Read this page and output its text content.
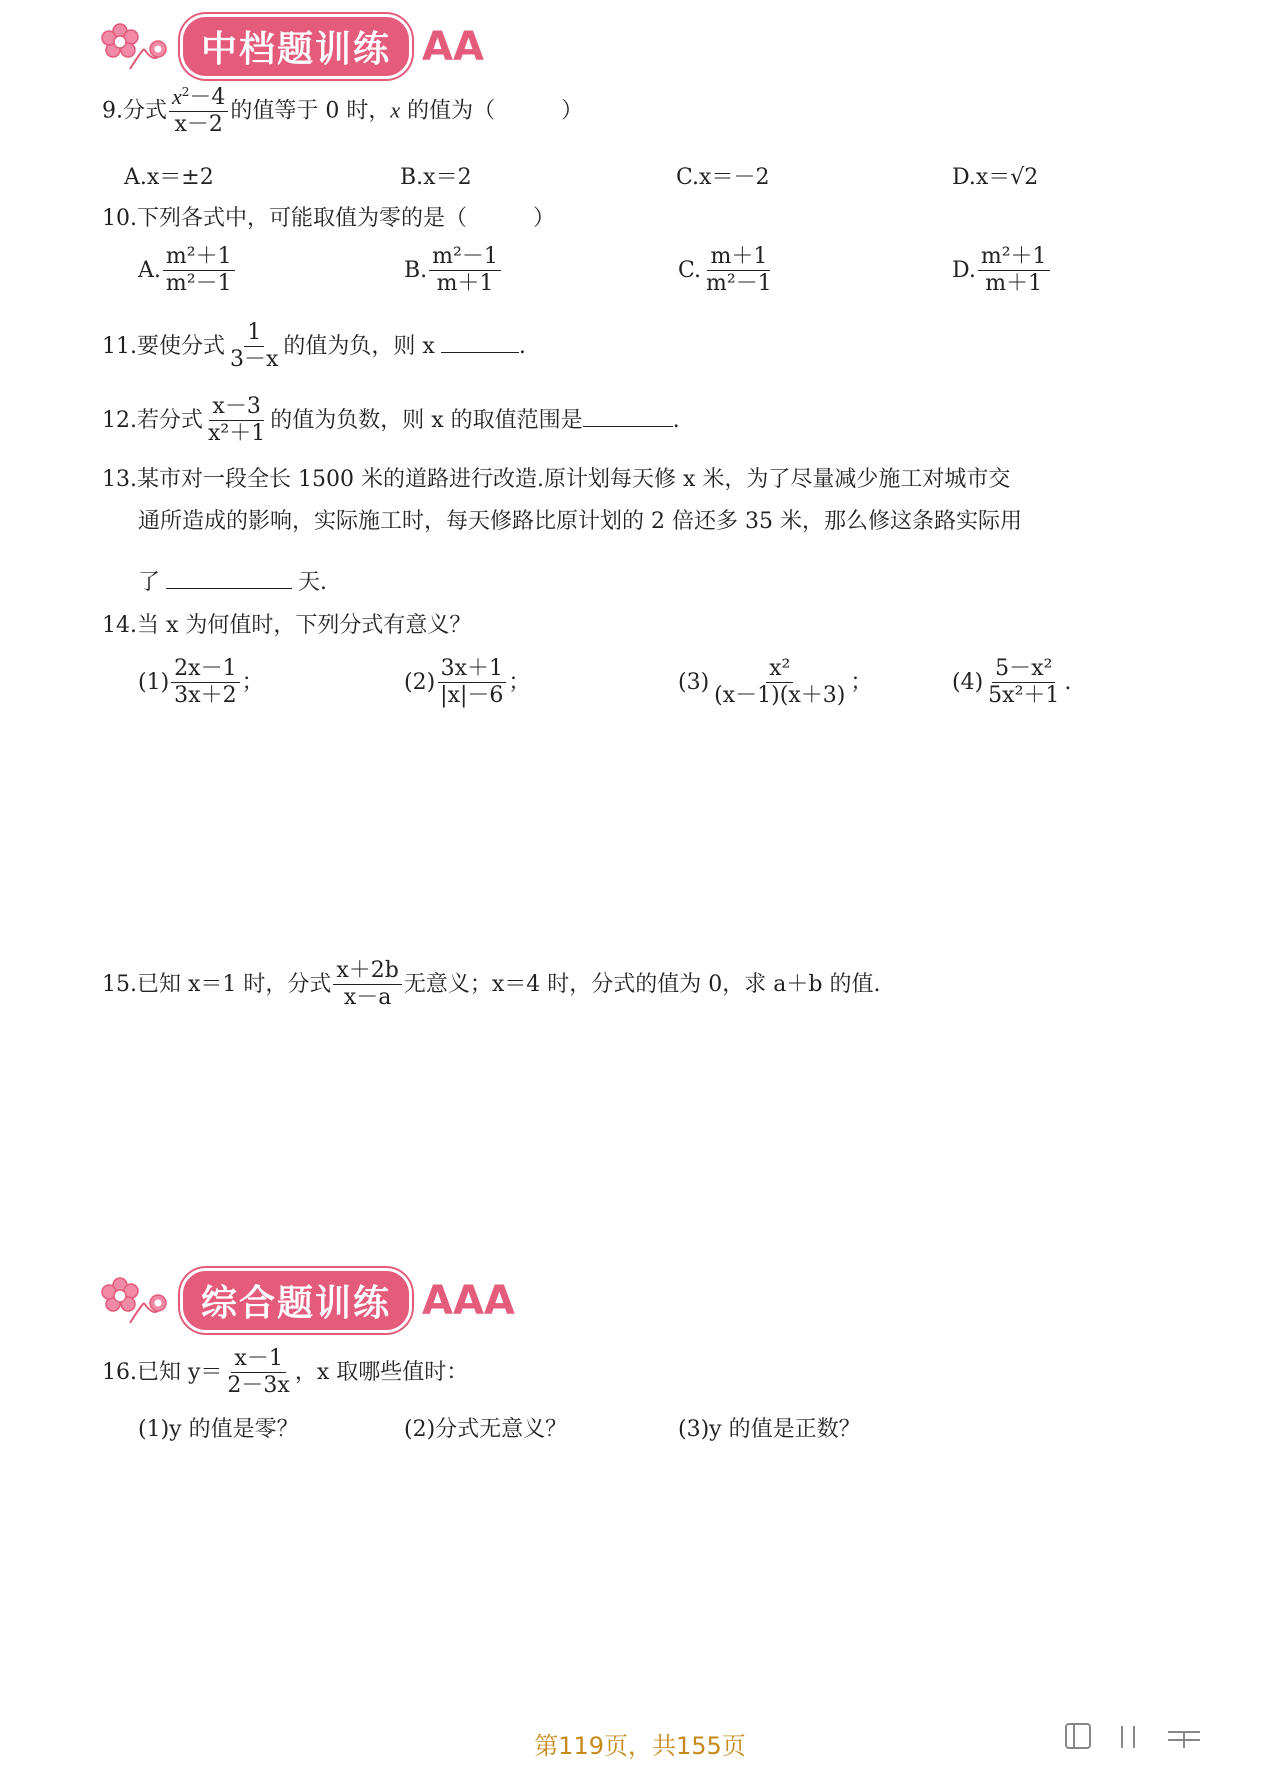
中档题训练 AA
9.分式 $\frac{x^2-4}{x-2}$ 的值等于 0 时，x 的值为（　　　）
A.x＝±2	B.x＝2	C.x＝－2	D.x＝√2
10.下列各式中，可能取值为零的是（　　　）
A. $\frac{\text{m²＋1}}{\text{m²－1}}$	B. $\frac{\text{m²－1}}{m+1}$	C. $\frac{m+1}{\text{m²－1}}$	D. $\frac{\text{m²＋1}}{m+1}$
11.要使分式 $\frac{1}{3-x}$ 的值为负，则 x	.
12.若分式 $\frac{x-3}{\text{x²＋1}}$ 的值为负数，则 x 的取值范围是	.
13.某市对一段全长 1500 米的道路进行改造.原计划每天修 x 米，为了尽量减少施工对城市交
通所造成的影响，实际施工时，每天修路比原计划的 2 倍还多 35 米，那么修这条路实际用
了	天.
14.当 x 为何值时，下列分式有意义？
$(1) \frac{2x-1}{3x+2}$ ；	$(2) \frac{3x+1}{|x|-6}$ ；	$(3) \frac{\text{x²}}{(x-1)(x+3)}$ ；	$(4) \frac{\text{5－x²}}{\text{5x²＋1}}$ .
15.已知 x＝1 时，分式 $\frac{x+2b}{x-a}$ 无意义；x＝4 时，分式的值为 0，求 a＋b 的值.
综合题训练 AAA
16.已知 $y= \frac{x-1}{2-3x}$ ，x 取哪些值时：
(1)y 的值是零？	(2)分式无意义？	(3)y 的值是正数？
第119页，共155页
